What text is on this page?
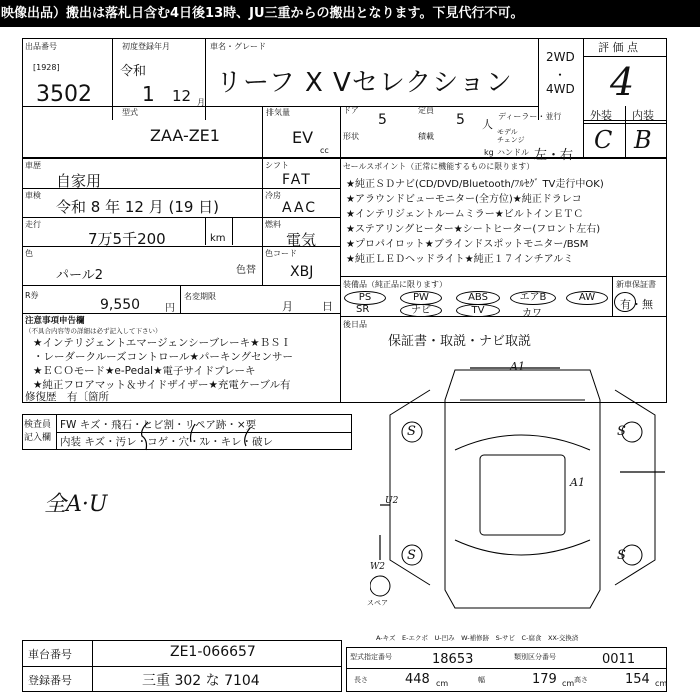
映像出品）搬出は落札日含む4日後13時、JU三重からの搬出となります。下見代行不可。
出品番号
[1928]
3502
初度登録年月
令和
1 12 月
車名・グレード
リーフ X Vセレクション
2WD
・
4WD
評 価 点
4
型式
ZAA-ZE1
排気量
EV
cc
ドア
5
定員
5 人
ディーラー・並行
形状	積載
kg
モデル
チェンジ
ハンドル 左・右
外装 内装
C B
車歴
自家用
シフト
FAT
車検
令和 8 年 12 月 (19 日)
冷房
AAC
走行
7万5千200	km
燃料
電気
色
パール2	色替
色コード
XBJ
R券
9,550 円
名変期限
月	日
注意事項申告欄
（不具合内容等の詳細は必ず記入して下さい）
★インテリジェントエマージェンシーブレーキ★ＢＳＩ
・レーダークルーズコントロール★パーキングセンサー
★ＥＣＯモード★e-Pedal★電子サイドブレーキ
★純正フロアマット＆サイドザイザー★充電ケーブル有
修復歴　有〔箇所
セールスポイント（正常に機能するものに限ります）
★純正ＳＤナビ(CD/DVD/Bluetooth/ﾌﾙｾｸﾞ TV走行中OK)
★アラウンドビューモニター(全方位)★純正ドラレコ
★インテリジェントルームミラー★ビルトインＥＴＣ
★ステアリングヒーター★シートヒーター(フロント左右)
★プロパイロット★ブラインドスポットモニター/BSM
★純正ＬＥＤヘッドライト★純正１７インチアルミ
装備品（純正品に限ります）
PS	PW	ABS	エアB	AW
SR	ナビ	TV	カワ
新車保証書
有・無
後日品
保証書・取説・ナビ取説
検査員
記入欄
FW キズ・飛石・ヒビ割・リペア跡・×要
内装 キズ・汚レ・コゲ・穴・ｽﾚ・キレ・破レ
全A·U
A1
A1
S	S
S	S
U2
W2
スペア
A-キズ　E-エクボ　U-凹み　W-補修跡　S-サビ　C-腐食　XX-交換済
車台番号	ZE1-066657
登録番号	三重 302 な 7104
型式指定番号	18653	類別区分番号	0011
長さ	448 cm	幅	179 cm 高さ	154 cm
